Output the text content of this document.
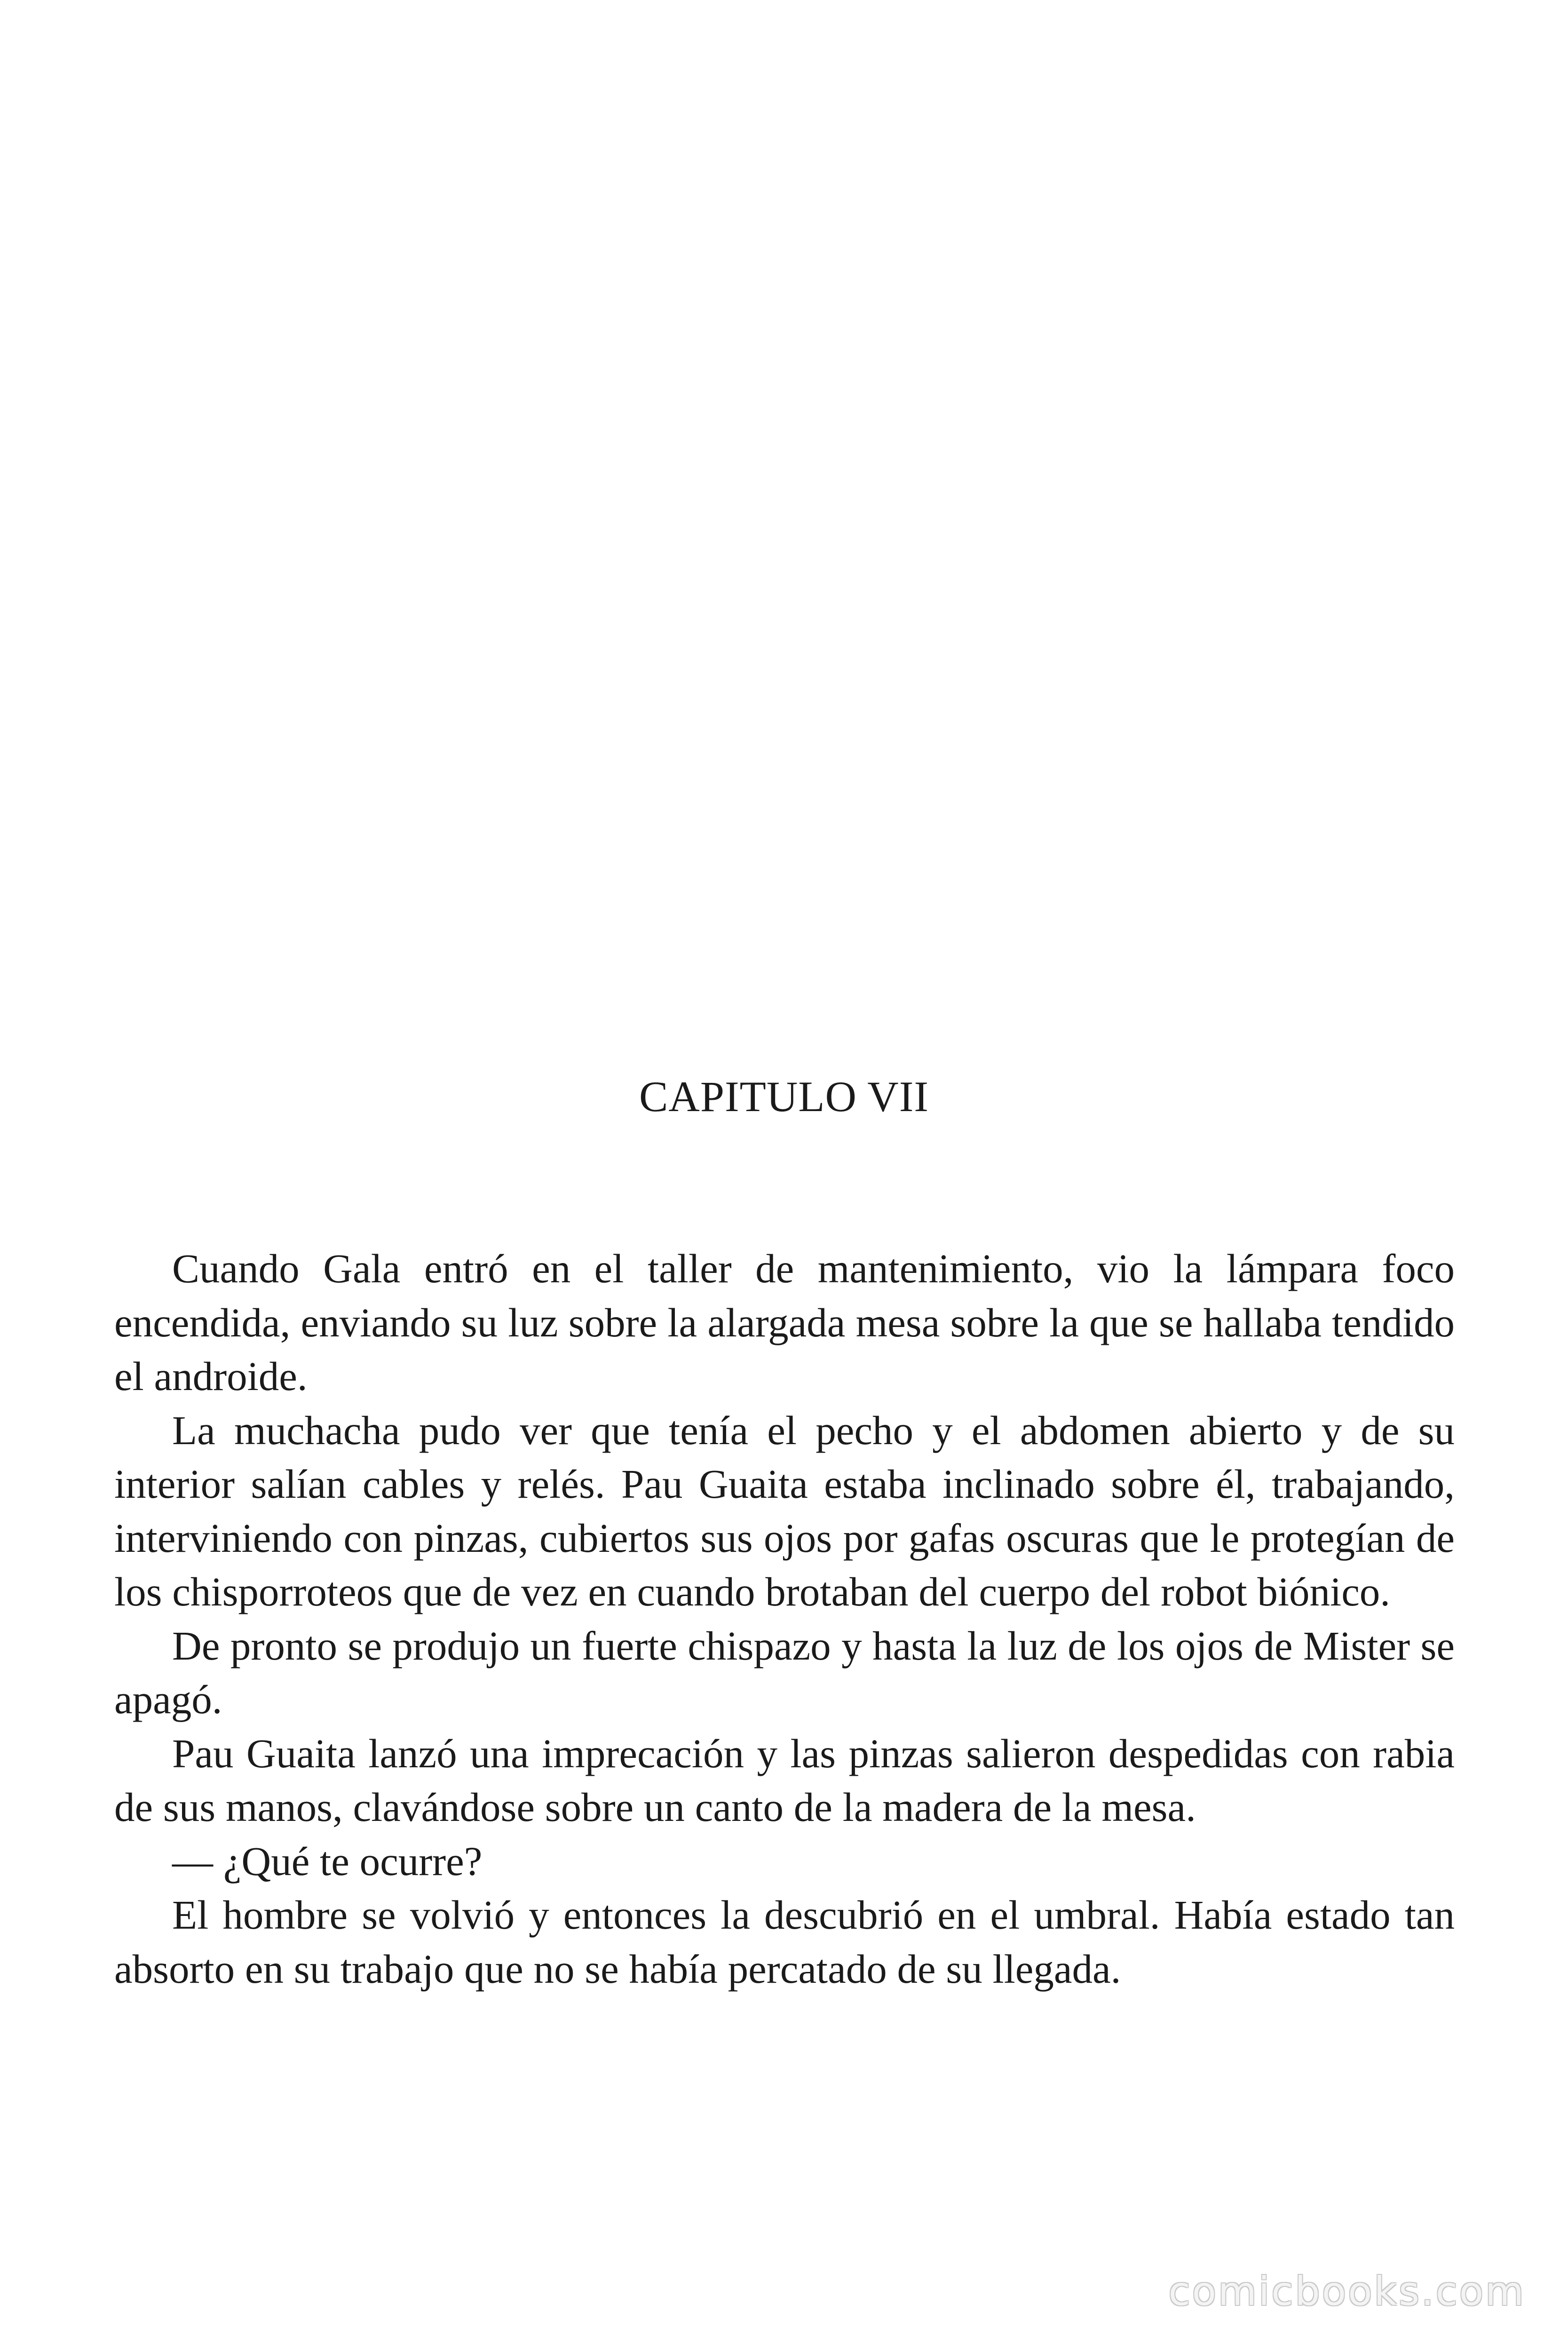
CAPITULO VII

Cuando Gala entró en el taller de mantenimiento, vio la lámpara foco encendida, enviando su luz sobre la alargada mesa sobre la que se hallaba tendido el androide.

La muchacha pudo ver que tenía el pecho y el abdomen abierto y de su interior salían cables y relés. Pau Guaita estaba inclinado sobre él, trabajando, interviniendo con pinzas, cubiertos sus ojos por gafas oscuras que le protegían de los chisporroteos que de vez en cuando brotaban del cuerpo del robot biónico.

De pronto se produjo un fuerte chispazo y hasta la luz de los ojos de Mister se apagó.

Pau Guaita lanzó una imprecación y las pinzas salieron despedidas con rabia de sus manos, clavándose sobre un canto de la madera de la mesa.

— ¿Qué te ocurre?

El hombre se volvió y entonces la descubrió en el umbral. Había estado tan absorto en su trabajo que no se había percatado de su llegada.

comicbooks.com
